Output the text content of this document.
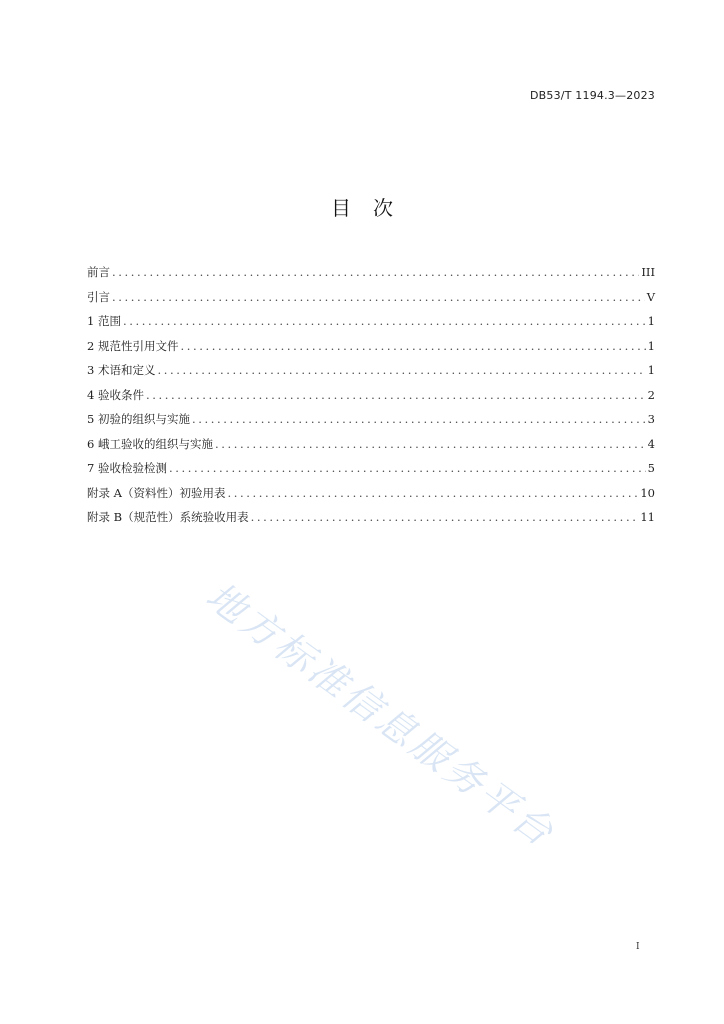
DB53/T 1194.3—2023
目次
前言 .....	III
引言 .....	V
1 范围 .....	1
2 规范性引用文件 .....	1
3 术语和定义 .....	1
4 验收条件 .....	2
5 初验的组织与实施 .....	3
6 峨工验收的组织与实施 .....	4
7 验收检验检测 .....	5
附录 A（资料性）初验用表 .....	10
附录 B（规范性）系统验收用表 .....	11
地方标准信息服务平台
I
